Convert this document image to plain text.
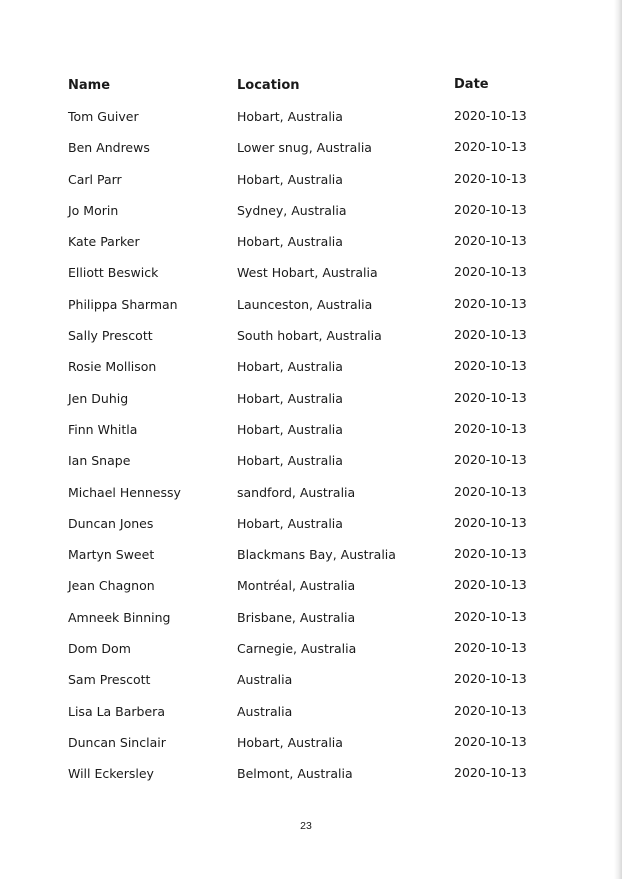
Name	Location	Date
Tom Guiver	Hobart, Australia	2020-10-13
Ben Andrews	Lower snug, Australia	2020-10-13
Carl Parr	Hobart, Australia	2020-10-13
Jo Morin	Sydney, Australia	2020-10-13
Kate Parker	Hobart, Australia	2020-10-13
Elliott Beswick	West Hobart, Australia	2020-10-13
Philippa Sharman	Launceston, Australia	2020-10-13
Sally Prescott	South hobart, Australia	2020-10-13
Rosie Mollison	Hobart, Australia	2020-10-13
Jen Duhig	Hobart, Australia	2020-10-13
Finn Whitla	Hobart, Australia	2020-10-13
Ian Snape	Hobart, Australia	2020-10-13
Michael Hennessy	sandford, Australia	2020-10-13
Duncan Jones	Hobart, Australia	2020-10-13
Martyn Sweet	Blackmans Bay, Australia	2020-10-13
Jean Chagnon	Montréal, Australia	2020-10-13
Amneek Binning	Brisbane, Australia	2020-10-13
Dom Dom	Carnegie, Australia	2020-10-13
Sam Prescott	Australia	2020-10-13
Lisa La Barbera	Australia	2020-10-13
Duncan Sinclair	Hobart, Australia	2020-10-13
Will Eckersley	Belmont, Australia	2020-10-13
23
